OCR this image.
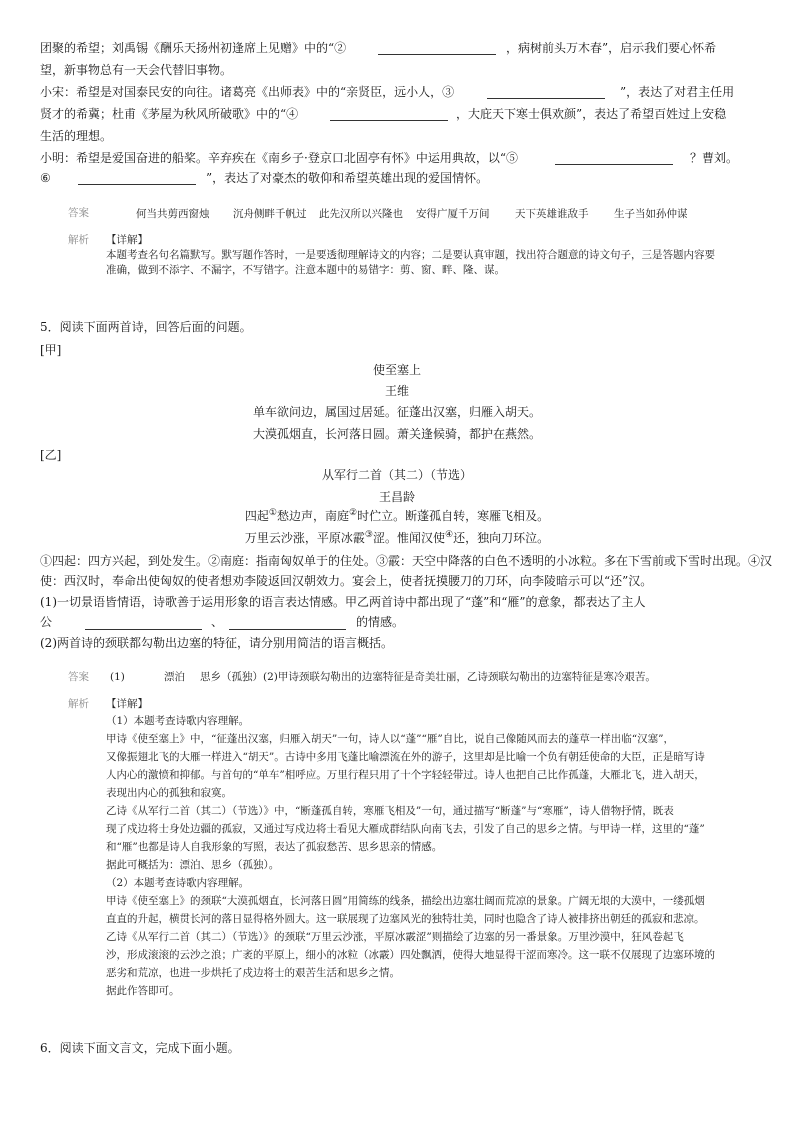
团聚的希望；刘禹锡《酬乐天扬州初逢席上见赠》中的“②	，病树前头万木春”，启示我们要心怀希
望，新事物总有一天会代替旧事物。
小宋：希望是对国泰民安的向往。诸葛亮《出师表》中的“亲贤臣，远小人，③	”，表达了对君主任用
贤才的希冀；杜甫《茅屋为秋风所破歌》中的“④	，大庇天下寒士俱欢颜”，表达了希望百姓过上安稳
生活的理想。
小明：希望是爱国奋进的船桨。辛弃疾在《南乡子·登京口北固亭有怀》中运用典故，以“⑤	？曹刘。
⑥	”，表达了对豪杰的敬仰和希望英雄出现的爱国情怀。
答案	何当共剪西窗烛 沉舟侧畔千帆过 此先汉所以兴隆也 安得广厦千万间 天下英雄谁敌手 生子当如孙仲谋
解析 【详解】
本题考查名句名篇默写。默写题作答时，一是要透彻理解诗文的内容；二是要认真审题，找出符合题意的诗文句子，三是答题内容要
准确，做到不添字、不漏字，不写错字。注意本题中的易错字：剪、窗、畔、隆、谋。
5．阅读下面两首诗，回答后面的问题。
[甲]
使至塞上
王维
单车欲问边，属国过居延。征蓬出汉塞，归雁入胡天。
大漠孤烟直，长河落日圆。萧关逢候骑，都护在燕然。
[乙]
从军行二首（其二）（节选）
王昌龄
四起①愁边声，南庭②时伫立。断蓬孤自转，寒雁飞相及。
万里云沙涨，平原冰霰③涩。惟闻汉使④还，独向刀环泣。
①四起：四方兴起，到处发生。②南庭：指南匈奴单于的住处。③霰：天空中降落的白色不透明的小冰粒。多在下雪前或下雪时出现。④汉
使：西汉时，奉命出使匈奴的使者想劝李陵返回汉朝效力。宴会上，使者抚摸腰刀的刀环，向李陵暗示可以“还”汉。
(1)一切景语皆情语，诗歌善于运用形象的语言表达情感。甲乙两首诗中都出现了“蓬”和“雁”的意象，都表达了主人
公	、	的情感。
(2)两首诗的颈联都勾勒出边塞的特征，请分别用简洁的语言概括。
答案 (1)	漂泊 思乡（孤独）(2)甲诗颈联勾勒出的边塞特征是奇美壮丽，乙诗颈联勾勒出的边塞特征是寒冷艰苦。
解析 【详解】
（1）本题考查诗歌内容理解。
甲诗《使至塞上》中，“征蓬出汉塞，归雁入胡天”一句，诗人以“蓬”“雁”自比，说自己像随风而去的蓬草一样出临“汉塞”，
又像振翅北飞的大雁一样进入“胡天”。古诗中多用飞蓬比喻漂流在外的游子，这里却是比喻一个负有朝廷使命的大臣，正是暗写诗
人内心的激愤和抑郁。与首句的“单车”相呼应。万里行程只用了十个字轻轻带过。诗人也把自己比作孤蓬，大雁北飞，进入胡天，
表现出内心的孤独和寂寞。
乙诗《从军行二首（其二）（节选）》中，“断蓬孤自转，寒雁飞相及”一句，通过描写“断蓬”与“寒雁”，诗人借物抒情，既表
现了戍边将士身处边疆的孤寂，又通过写戍边将士看见大雁成群结队向南飞去，引发了自己的思乡之情。与甲诗一样，这里的“蓬”
和“雁”也都是诗人自我形象的写照，表达了孤寂愁苦、思乡思亲的情感。
据此可概括为：漂泊、思乡（孤独）。
（2）本题考查诗歌内容理解。
甲诗《使至塞上》的颈联“大漠孤烟直，长河落日圆”用简练的线条，描绘出边塞壮阔而荒凉的景象。广阔无垠的大漠中，一缕孤烟
直直的升起，横贯长河的落日显得格外圆大。这一联展现了边塞风光的独特壮美，同时也隐含了诗人被排挤出朝廷的孤寂和悲凉。
乙诗《从军行二首（其二）（节选）》的颈联“万里云沙涨，平原冰霰涩”则描绘了边塞的另一番景象。万里沙漠中，狂风卷起飞
沙，形成滚滚的云沙之浪；广袤的平原上，细小的冰粒（冰霰）四处飘洒，使得大地显得干涩而寒冷。这一联不仅展现了边塞环境的
恶劣和荒凉，也进一步烘托了戍边将士的艰苦生活和思乡之情。
据此作答即可。
6．阅读下面文言文，完成下面小题。
